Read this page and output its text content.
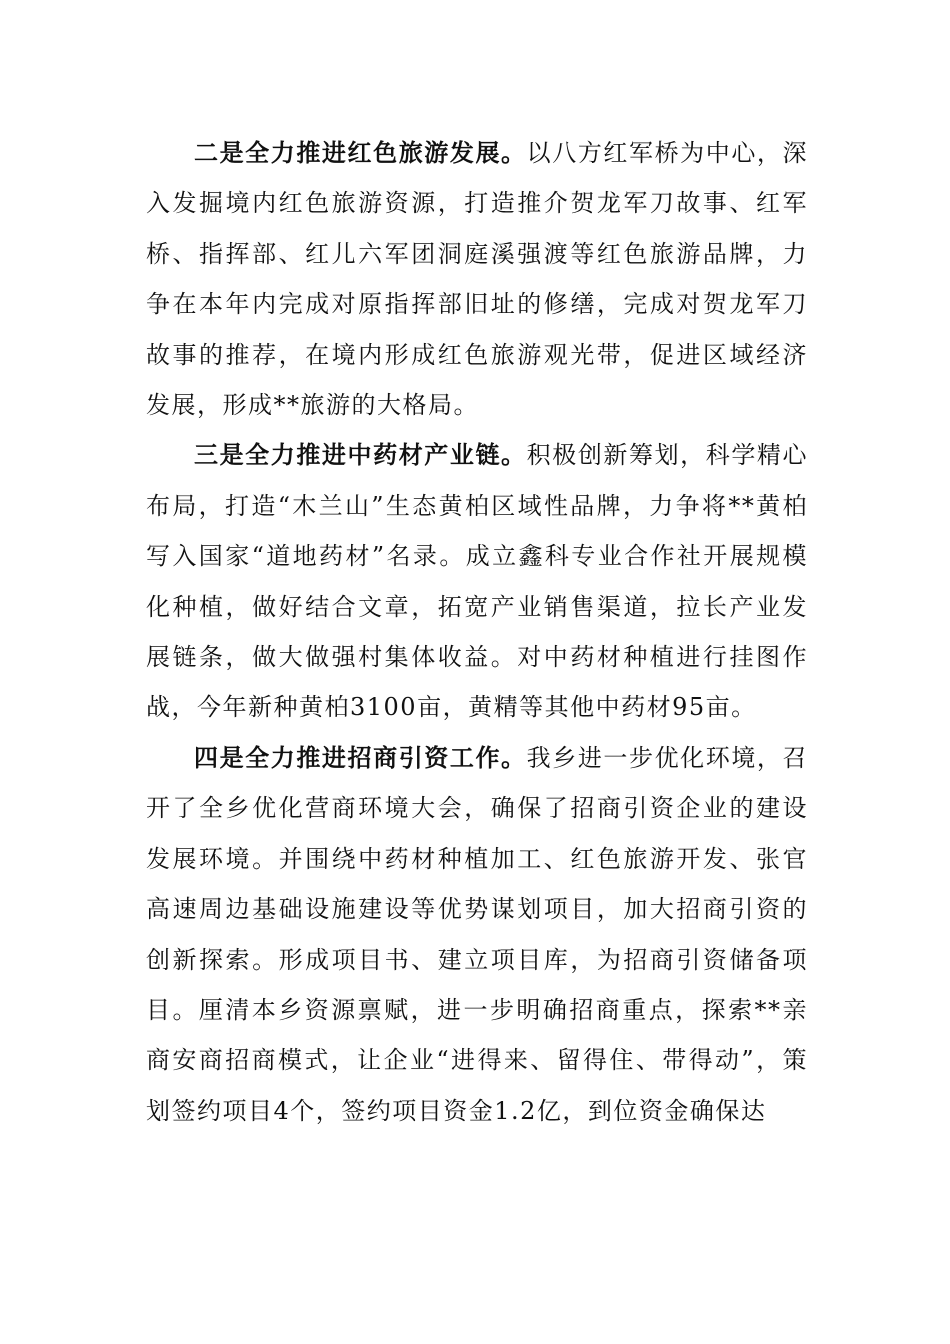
二是全力推进红色旅游发展。以八方红军桥为中心，深入发掘境内红色旅游资源，打造推介贺龙军刀故事、红军桥、指挥部、红儿六军团洞庭溪强渡等红色旅游品牌，力争在本年内完成对原指挥部旧址的修缮，完成对贺龙军刀故事的推荐，在境内形成红色旅游观光带，促进区域经济发展，形成**旅游的大格局。

三是全力推进中药材产业链。积极创新筹划，科学精心布局，打造“木兰山”生态黄柏区域性品牌，力争将**黄柏写入国家“道地药材”名录。成立鑫科专业合作社开展规模化种植，做好结合文章，拓宽产业销售渠道，拉长产业发展链条，做大做强村集体收益。对中药材种植进行挂图作战，今年新种黄柏3100亩，黄精等其他中药材95亩。

四是全力推进招商引资工作。我乡进一步优化环境，召开了全乡优化营商环境大会，确保了招商引资企业的建设发展环境。并围绕中药材种植加工、红色旅游开发、张官高速周边基础设施建设等优势谋划项目，加大招商引资的创新探索。形成项目书、建立项目库，为招商引资储备项目。厘清本乡资源禀赋，进一步明确招商重点，探索**亲商安商招商模式，让企业“进得来、留得住、带得动”，策划签约项目4个，签约项目资金1.2亿，到位资金确保达
